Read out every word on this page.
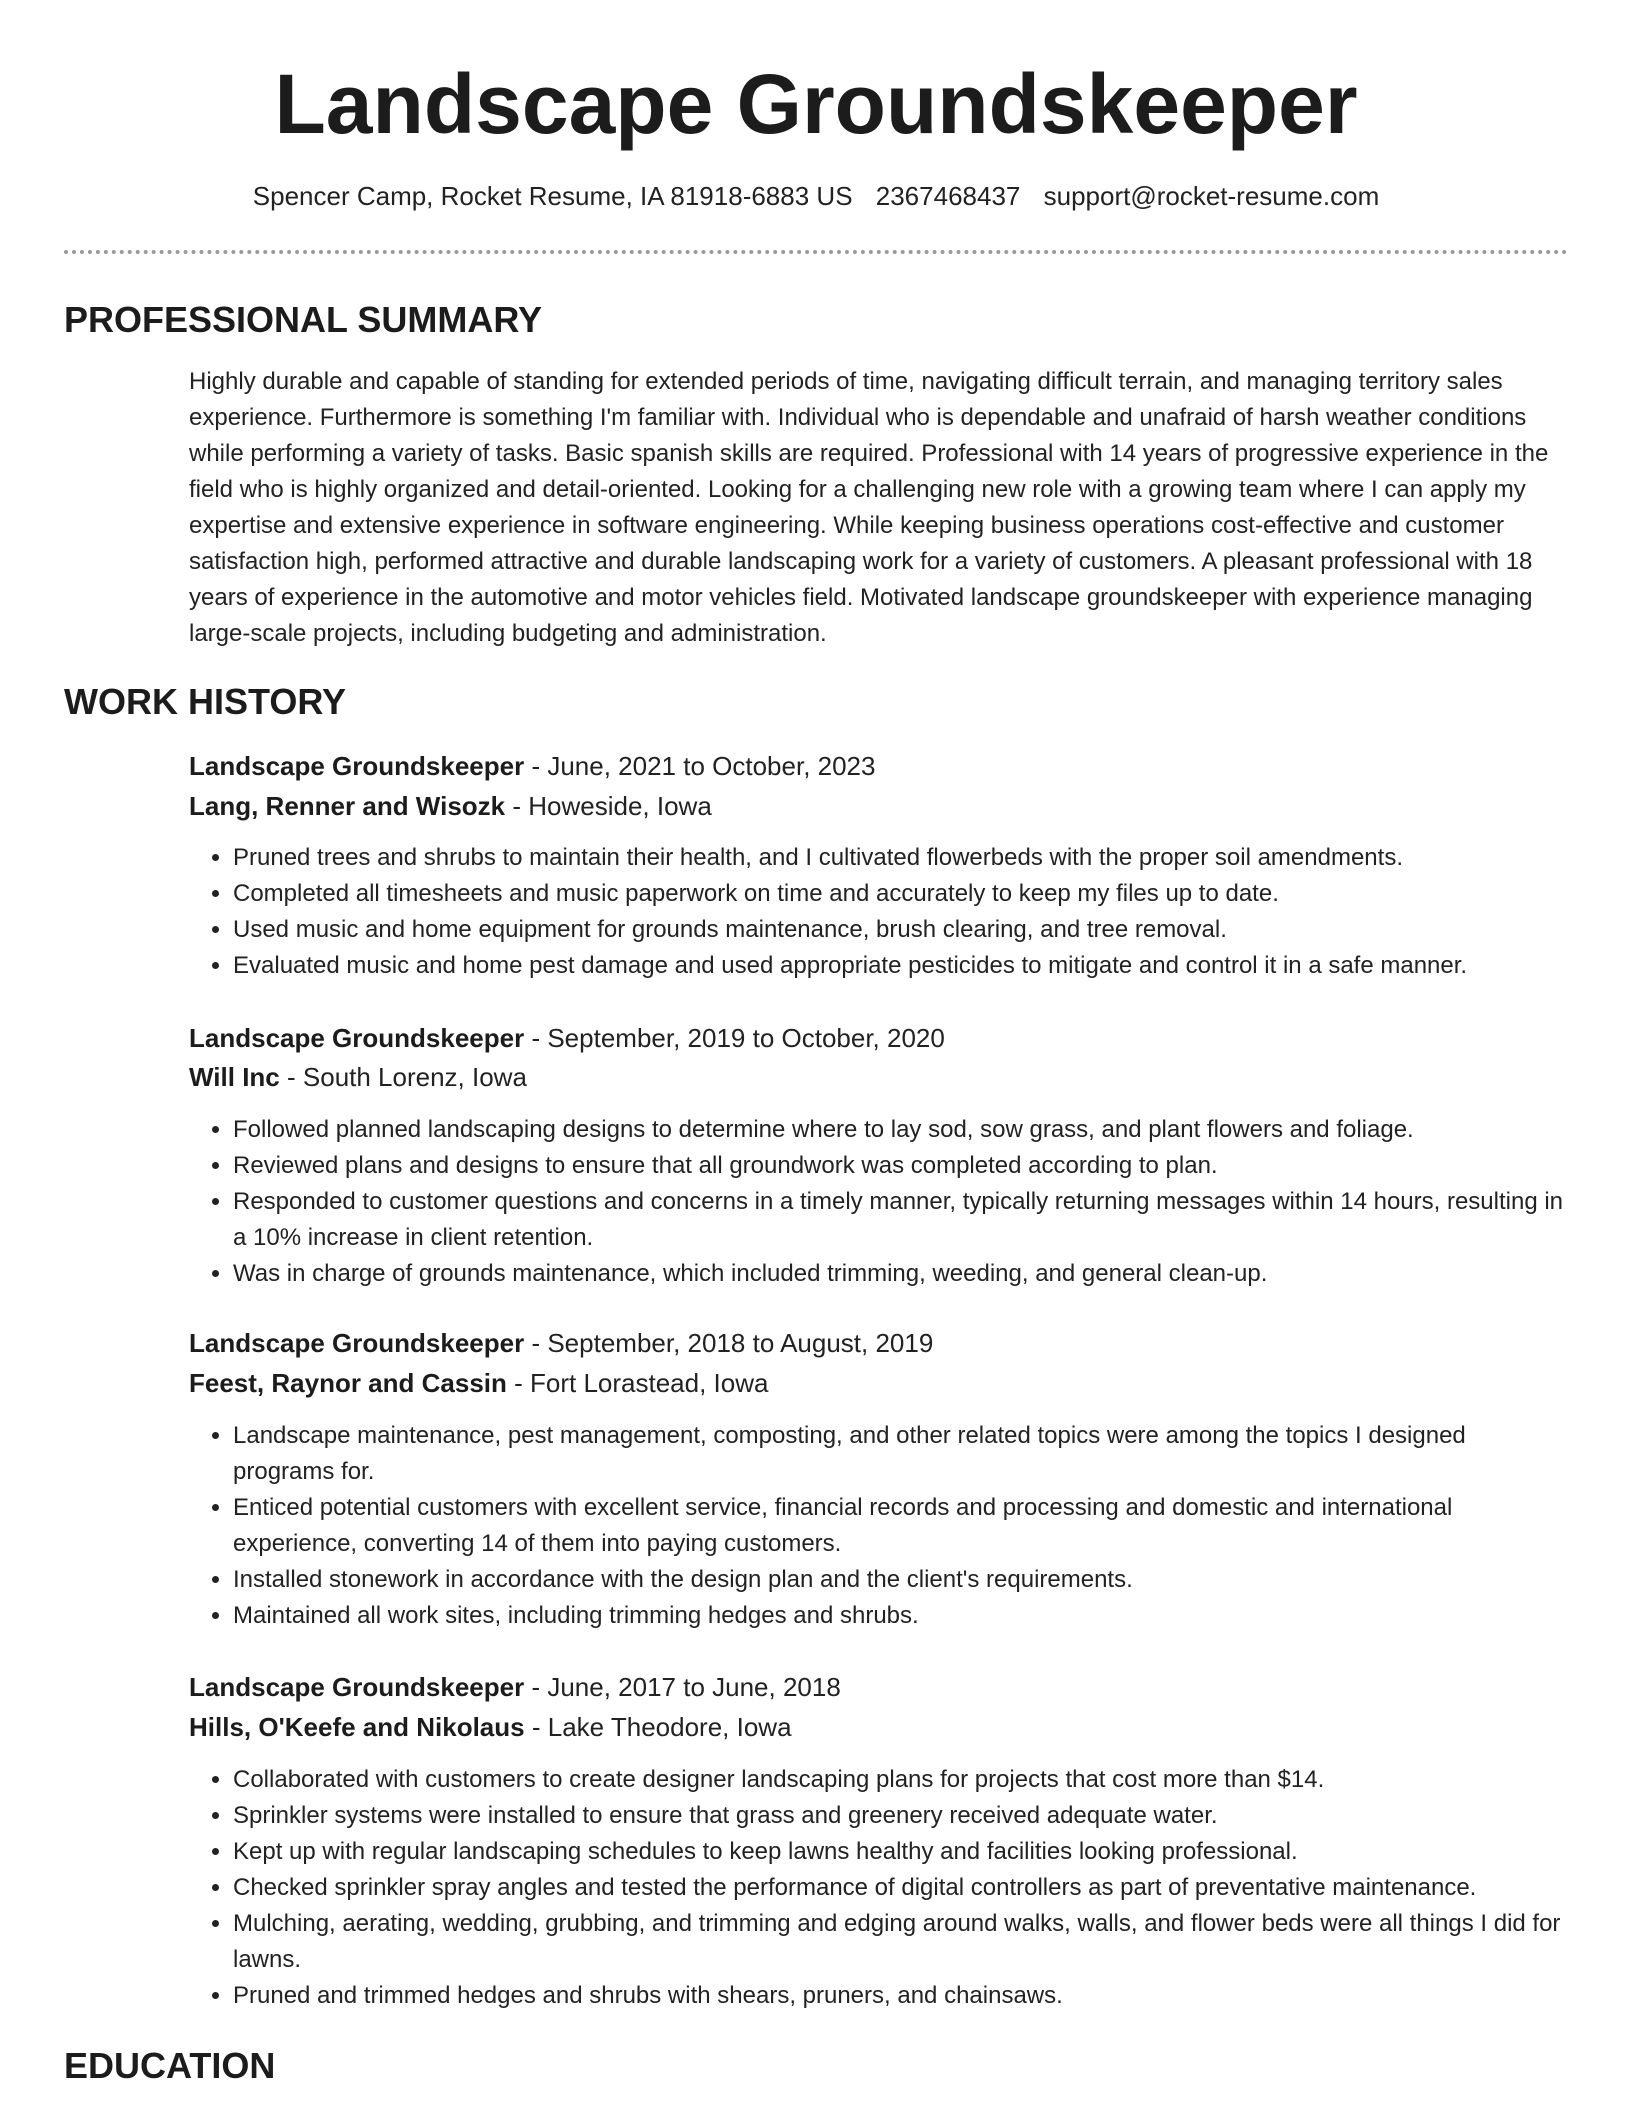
Landscape Groundskeeper
Spencer Camp, Rocket Resume, IA 81918-6883 US 2367468437 support@rocket-resume.com
PROFESSIONAL SUMMARY

Highly durable and capable of standing for extended periods of time, navigating difficult terrain, and managing territory sales experience. Furthermore is something I'm familiar with. Individual who is dependable and unafraid of harsh weather conditions while performing a variety of tasks. Basic spanish skills are required. Professional with 14 years of progressive experience in the field who is highly organized and detail-oriented. Looking for a challenging new role with a growing team where I can apply my expertise and extensive experience in software engineering. While keeping business operations cost-effective and customer satisfaction high, performed attractive and durable landscaping work for a variety of customers. A pleasant professional with 18 years of experience in the automotive and motor vehicles field. Motivated landscape groundskeeper with experience managing large-scale projects, including budgeting and administration.

WORK HISTORY

Landscape Groundskeeper - June, 2021 to October, 2023

Lang, Renner and Wisozk - Howeside, Iowa

• Pruned trees and shrubs to maintain their health, and I cultivated flowerbeds with the proper soil amendments.
• Completed all timesheets and music paperwork on time and accurately to keep my files up to date.
• Used music and home equipment for grounds maintenance, brush clearing, and tree removal.
• Evaluated music and home pest damage and used appropriate pesticides to mitigate and control it in a safe manner.

Landscape Groundskeeper - September, 2019 to October, 2020

Will Inc - South Lorenz, Iowa

• Followed planned landscaping designs to determine where to lay sod, sow grass, and plant flowers and foliage.
• Reviewed plans and designs to ensure that all groundwork was completed according to plan.
• Responded to customer questions and concerns in a timely manner, typically returning messages within 14 hours, resulting in a 10% increase in client retention.
• Was in charge of grounds maintenance, which included trimming, weeding, and general clean-up.

Landscape Groundskeeper - September, 2018 to August, 2019

Feest, Raynor and Cassin - Fort Lorastead, Iowa

• Landscape maintenance, pest management, composting, and other related topics were among the topics I designed programs for.
• Enticed potential customers with excellent service, financial records and processing and domestic and international experience, converting 14 of them into paying customers.
• Installed stonework in accordance with the design plan and the client's requirements.
• Maintained all work sites, including trimming hedges and shrubs.

Landscape Groundskeeper - June, 2017 to June, 2018

Hills, O'Keefe and Nikolaus - Lake Theodore, Iowa

• Collaborated with customers to create designer landscaping plans for projects that cost more than $14.
• Sprinkler systems were installed to ensure that grass and greenery received adequate water.
• Kept up with regular landscaping schedules to keep lawns healthy and facilities looking professional.
• Checked sprinkler spray angles and tested the performance of digital controllers as part of preventative maintenance.
• Mulching, aerating, wedding, grubbing, and trimming and edging around walks, walls, and flower beds were all things I did for lawns.
• Pruned and trimmed hedges and shrubs with shears, pruners, and chainsaws.
EDUCATION
